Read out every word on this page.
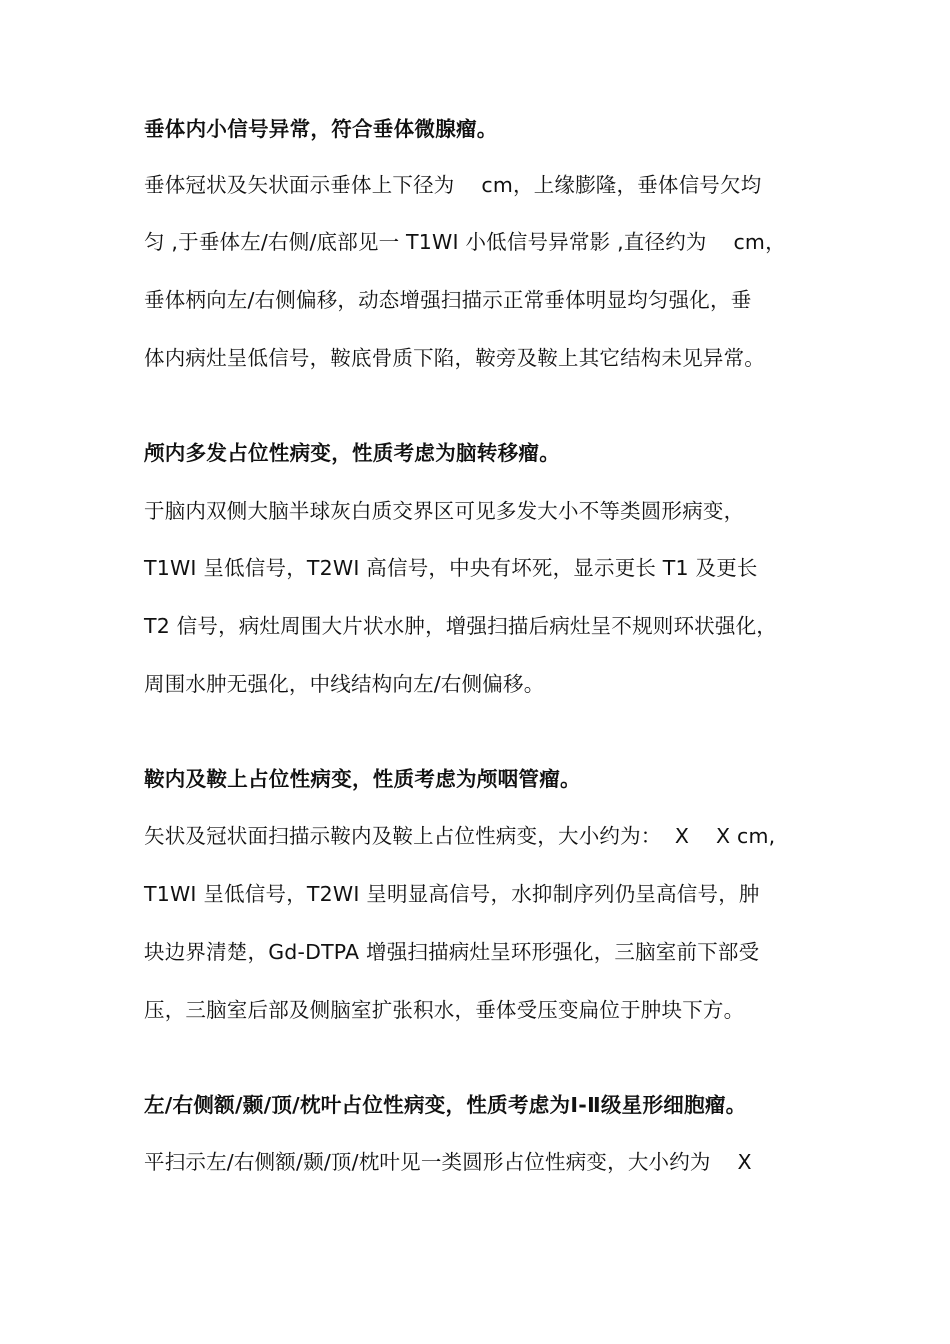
垂体内小信号异常，符合垂体微腺瘤。
垂体冠状及矢状面示垂体上下径为    cm，上缘膨隆，垂体信号欠均
匀 ,于垂体左/右侧/底部见一 T1WI 小低信号异常影 ,直径约为    cm，
垂体柄向左/右侧偏移，动态增强扫描示正常垂体明显均匀强化，垂
体内病灶呈低信号，鞍底骨质下陷，鞍旁及鞍上其它结构未见异常。
颅内多发占位性病变，性质考虑为脑转移瘤。
于脑内双侧大脑半球灰白质交界区可见多发大小不等类圆形病变，
T1WI 呈低信号，T2WI 高信号，中央有坏死，显示更长 T1 及更长
T2 信号，病灶周围大片状水肿，增强扫描后病灶呈不规则环状强化，
周围水肿无强化，中线结构向左/右侧偏移。
鞍内及鞍上占位性病变，性质考虑为颅咽管瘤。
矢状及冠状面扫描示鞍内及鞍上占位性病变，大小约为：  X    X cm,
T1WI 呈低信号，T2WI 呈明显高信号，水抑制序列仍呈高信号，肿
块边界清楚，Gd-DTPA 增强扫描病灶呈环形强化，三脑室前下部受
压，三脑室后部及侧脑室扩张积水，垂体受压变扁位于肿块下方。
左/右侧额/颞/顶/枕叶占位性病变，性质考虑为Ⅰ-Ⅱ级星形细胞瘤。
平扫示左/右侧额/颞/顶/枕叶见一类圆形占位性病变，大小约为    X
